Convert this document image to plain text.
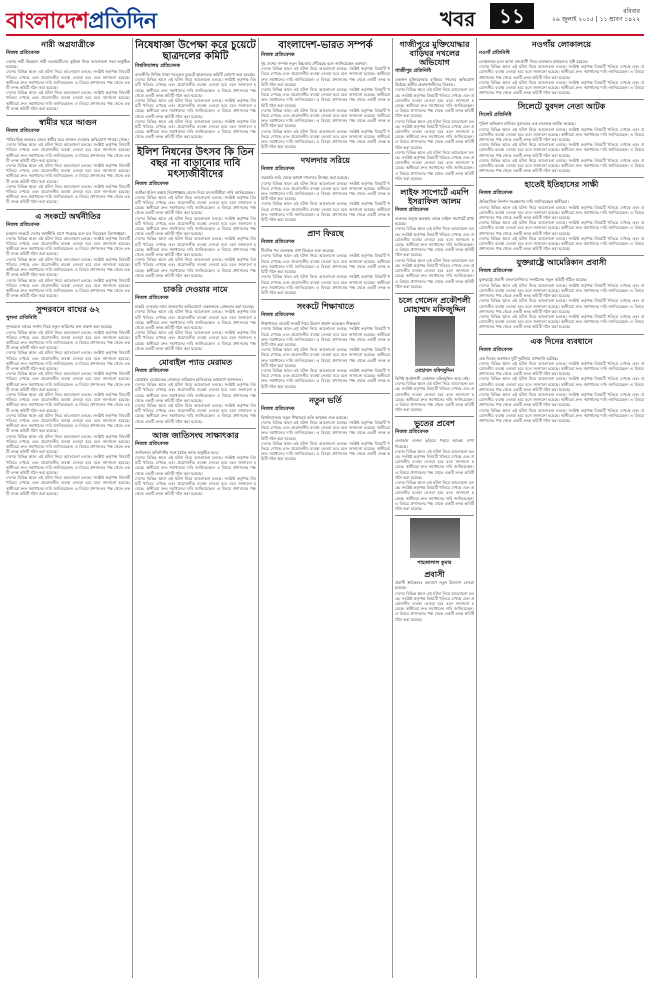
বাংলাদেশপ্রতিদিন	খবর	১১	রবিবার
২৬ জুলাই ২০১৫ | ১১ শ্রাবণ ১৪২২
নারী অগ্রযাত্রীকে
নিজস্ব প্রতিবেদক
দেশের নারী উন্নয়নে নারী অগ্রযাত্রীদের ভূমিকা নিয়ে আলোচনা সভা অনুষ্ঠিত হয়েছে।
দেশের বিভিন্ন স্থানে এই ঘটনা নিয়ে আলোচনা চলছে। সংশ্লিষ্ট কর্তৃপক্ষ বিষয়টি খতিয়ে দেখছে এবং প্রয়োজনীয় ব্যবস্থা নেওয়া হবে বলে জানানো হয়েছে। স্থানীয়রা দ্রুত সমাধানের দাবি জানিয়েছেন। এ বিষয়ে প্রশাসনের পক্ষ থেকে একটি তদন্ত কমিটি গঠন করা হয়েছে।
দেশের বিভিন্ন স্থানে এই ঘটনা নিয়ে আলোচনা চলছে। সংশ্লিষ্ট কর্তৃপক্ষ বিষয়টি খতিয়ে দেখছে এবং প্রয়োজনীয় ব্যবস্থা নেওয়া হবে বলে জানানো হয়েছে। স্থানীয়রা দ্রুত সমাধানের দাবি জানিয়েছেন। এ বিষয়ে প্রশাসনের পক্ষ থেকে একটি তদন্ত কমিটি গঠন করা হয়েছে।
স্বামীর ঘরে আগুন
নিজস্ব প্রতিবেদক
পারিবারিক কলহের জেরে স্বামীর ঘরে আগুন দেওয়ার অভিযোগ পাওয়া গেছে।
দেশের বিভিন্ন স্থানে এই ঘটনা নিয়ে আলোচনা চলছে। সংশ্লিষ্ট কর্তৃপক্ষ বিষয়টি খতিয়ে দেখছে এবং প্রয়োজনীয় ব্যবস্থা নেওয়া হবে বলে জানানো হয়েছে। স্থানীয়রা দ্রুত সমাধানের দাবি জানিয়েছেন। এ বিষয়ে প্রশাসনের পক্ষ থেকে একটি তদন্ত কমিটি গঠন করা হয়েছে।
দেশের বিভিন্ন স্থানে এই ঘটনা নিয়ে আলোচনা চলছে। সংশ্লিষ্ট কর্তৃপক্ষ বিষয়টি খতিয়ে দেখছে এবং প্রয়োজনীয় ব্যবস্থা নেওয়া হবে বলে জানানো হয়েছে। স্থানীয়রা দ্রুত সমাধানের দাবি জানিয়েছেন। এ বিষয়ে প্রশাসনের পক্ষ থেকে একটি তদন্ত কমিটি গঠন করা হয়েছে।
দেশের বিভিন্ন স্থানে এই ঘটনা নিয়ে আলোচনা চলছে। সংশ্লিষ্ট কর্তৃপক্ষ বিষয়টি খতিয়ে দেখছে এবং প্রয়োজনীয় ব্যবস্থা নেওয়া হবে বলে জানানো হয়েছে। স্থানীয়রা দ্রুত সমাধানের দাবি জানিয়েছেন। এ বিষয়ে প্রশাসনের পক্ষ থেকে একটি তদন্ত কমিটি গঠন করা হয়েছে।
এ সংকটে অর্থনীতির
নিজস্ব প্রতিবেদক
চলমান সংকটে দেশের অর্থনীতি চাপে পড়েছে বলে মত দিয়েছেন বিশেষজ্ঞরা।
দেশের বিভিন্ন স্থানে এই ঘটনা নিয়ে আলোচনা চলছে। সংশ্লিষ্ট কর্তৃপক্ষ বিষয়টি খতিয়ে দেখছে এবং প্রয়োজনীয় ব্যবস্থা নেওয়া হবে বলে জানানো হয়েছে। স্থানীয়রা দ্রুত সমাধানের দাবি জানিয়েছেন। এ বিষয়ে প্রশাসনের পক্ষ থেকে একটি তদন্ত কমিটি গঠন করা হয়েছে।
দেশের বিভিন্ন স্থানে এই ঘটনা নিয়ে আলোচনা চলছে। সংশ্লিষ্ট কর্তৃপক্ষ বিষয়টি খতিয়ে দেখছে এবং প্রয়োজনীয় ব্যবস্থা নেওয়া হবে বলে জানানো হয়েছে। স্থানীয়রা দ্রুত সমাধানের দাবি জানিয়েছেন। এ বিষয়ে প্রশাসনের পক্ষ থেকে একটি তদন্ত কমিটি গঠন করা হয়েছে।
দেশের বিভিন্ন স্থানে এই ঘটনা নিয়ে আলোচনা চলছে। সংশ্লিষ্ট কর্তৃপক্ষ বিষয়টি খতিয়ে দেখছে এবং প্রয়োজনীয় ব্যবস্থা নেওয়া হবে বলে জানানো হয়েছে। স্থানীয়রা দ্রুত সমাধানের দাবি জানিয়েছেন। এ বিষয়ে প্রশাসনের পক্ষ থেকে একটি তদন্ত কমিটি গঠন করা হয়েছে।
সুন্দরবনে বাঘের ৬২
খুলনা প্রতিনিধি
সুন্দরবনে বাঘের সংখ্যা নিয়ে নতুন জরিপের ফল প্রকাশ করা হয়েছে।
দেশের বিভিন্ন স্থানে এই ঘটনা নিয়ে আলোচনা চলছে। সংশ্লিষ্ট কর্তৃপক্ষ বিষয়টি খতিয়ে দেখছে এবং প্রয়োজনীয় ব্যবস্থা নেওয়া হবে বলে জানানো হয়েছে। স্থানীয়রা দ্রুত সমাধানের দাবি জানিয়েছেন। এ বিষয়ে প্রশাসনের পক্ষ থেকে একটি তদন্ত কমিটি গঠন করা হয়েছে।
দেশের বিভিন্ন স্থানে এই ঘটনা নিয়ে আলোচনা চলছে। সংশ্লিষ্ট কর্তৃপক্ষ বিষয়টি খতিয়ে দেখছে এবং প্রয়োজনীয় ব্যবস্থা নেওয়া হবে বলে জানানো হয়েছে। স্থানীয়রা দ্রুত সমাধানের দাবি জানিয়েছেন। এ বিষয়ে প্রশাসনের পক্ষ থেকে একটি তদন্ত কমিটি গঠন করা হয়েছে।
দেশের বিভিন্ন স্থানে এই ঘটনা নিয়ে আলোচনা চলছে। সংশ্লিষ্ট কর্তৃপক্ষ বিষয়টি খতিয়ে দেখছে এবং প্রয়োজনীয় ব্যবস্থা নেওয়া হবে বলে জানানো হয়েছে। স্থানীয়রা দ্রুত সমাধানের দাবি জানিয়েছেন। এ বিষয়ে প্রশাসনের পক্ষ থেকে একটি তদন্ত কমিটি গঠন করা হয়েছে।
দেশের বিভিন্ন স্থানে এই ঘটনা নিয়ে আলোচনা চলছে। সংশ্লিষ্ট কর্তৃপক্ষ বিষয়টি খতিয়ে দেখছে এবং প্রয়োজনীয় ব্যবস্থা নেওয়া হবে বলে জানানো হয়েছে। স্থানীয়রা দ্রুত সমাধানের দাবি জানিয়েছেন। এ বিষয়ে প্রশাসনের পক্ষ থেকে একটি তদন্ত কমিটি গঠন করা হয়েছে।
দেশের বিভিন্ন স্থানে এই ঘটনা নিয়ে আলোচনা চলছে। সংশ্লিষ্ট কর্তৃপক্ষ বিষয়টি খতিয়ে দেখছে এবং প্রয়োজনীয় ব্যবস্থা নেওয়া হবে বলে জানানো হয়েছে। স্থানীয়রা দ্রুত সমাধানের দাবি জানিয়েছেন। এ বিষয়ে প্রশাসনের পক্ষ থেকে একটি তদন্ত কমিটি গঠন করা হয়েছে।
দেশের বিভিন্ন স্থানে এই ঘটনা নিয়ে আলোচনা চলছে। সংশ্লিষ্ট কর্তৃপক্ষ বিষয়টি খতিয়ে দেখছে এবং প্রয়োজনীয় ব্যবস্থা নেওয়া হবে বলে জানানো হয়েছে। স্থানীয়রা দ্রুত সমাধানের দাবি জানিয়েছেন। এ বিষয়ে প্রশাসনের পক্ষ থেকে একটি তদন্ত কমিটি গঠন করা হয়েছে।
দেশের বিভিন্ন স্থানে এই ঘটনা নিয়ে আলোচনা চলছে। সংশ্লিষ্ট কর্তৃপক্ষ বিষয়টি খতিয়ে দেখছে এবং প্রয়োজনীয় ব্যবস্থা নেওয়া হবে বলে জানানো হয়েছে। স্থানীয়রা দ্রুত সমাধানের দাবি জানিয়েছেন। এ বিষয়ে প্রশাসনের পক্ষ থেকে একটি তদন্ত কমিটি গঠন করা হয়েছে।
দেশের বিভিন্ন স্থানে এই ঘটনা নিয়ে আলোচনা চলছে। সংশ্লিষ্ট কর্তৃপক্ষ বিষয়টি খতিয়ে দেখছে এবং প্রয়োজনীয় ব্যবস্থা নেওয়া হবে বলে জানানো হয়েছে। স্থানীয়রা দ্রুত সমাধানের দাবি জানিয়েছেন। এ বিষয়ে প্রশাসনের পক্ষ থেকে একটি তদন্ত কমিটি গঠন করা হয়েছে।
নিষেধাজ্ঞা উপেক্ষা করে চুয়েটে ছাত্রদলের কমিটি
বিশ্ববিদ্যালয় প্রতিবেদক
রাজনীতি নিষিদ্ধ থাকা সত্ত্বেও চুয়েটে ছাত্রদলের কমিটি ঘোষণা করা হয়েছে।
দেশের বিভিন্ন স্থানে এই ঘটনা নিয়ে আলোচনা চলছে। সংশ্লিষ্ট কর্তৃপক্ষ বিষয়টি খতিয়ে দেখছে এবং প্রয়োজনীয় ব্যবস্থা নেওয়া হবে বলে জানানো হয়েছে। স্থানীয়রা দ্রুত সমাধানের দাবি জানিয়েছেন। এ বিষয়ে প্রশাসনের পক্ষ থেকে একটি তদন্ত কমিটি গঠন করা হয়েছে।
দেশের বিভিন্ন স্থানে এই ঘটনা নিয়ে আলোচনা চলছে। সংশ্লিষ্ট কর্তৃপক্ষ বিষয়টি খতিয়ে দেখছে এবং প্রয়োজনীয় ব্যবস্থা নেওয়া হবে বলে জানানো হয়েছে। স্থানীয়রা দ্রুত সমাধানের দাবি জানিয়েছেন। এ বিষয়ে প্রশাসনের পক্ষ থেকে একটি তদন্ত কমিটি গঠন করা হয়েছে।
দেশের বিভিন্ন স্থানে এই ঘটনা নিয়ে আলোচনা চলছে। সংশ্লিষ্ট কর্তৃপক্ষ বিষয়টি খতিয়ে দেখছে এবং প্রয়োজনীয় ব্যবস্থা নেওয়া হবে বলে জানানো হয়েছে। স্থানীয়রা দ্রুত সমাধানের দাবি জানিয়েছেন। এ বিষয়ে প্রশাসনের পক্ষ থেকে একটি তদন্ত কমিটি গঠন করা হয়েছে।
ইলিশ নিধনের উৎসব কি তিন বছর না বাড়ানোর দাবি মৎস্যজীবীদের
নিজস্ব প্রতিবেদক
জাটকা ইলিশ রক্ষায় নিষেধাজ্ঞার মেয়াদ নিয়ে মৎস্যজীবীরা দাবি জানিয়েছেন।
দেশের বিভিন্ন স্থানে এই ঘটনা নিয়ে আলোচনা চলছে। সংশ্লিষ্ট কর্তৃপক্ষ বিষয়টি খতিয়ে দেখছে এবং প্রয়োজনীয় ব্যবস্থা নেওয়া হবে বলে জানানো হয়েছে। স্থানীয়রা দ্রুত সমাধানের দাবি জানিয়েছেন। এ বিষয়ে প্রশাসনের পক্ষ থেকে একটি তদন্ত কমিটি গঠন করা হয়েছে।
দেশের বিভিন্ন স্থানে এই ঘটনা নিয়ে আলোচনা চলছে। সংশ্লিষ্ট কর্তৃপক্ষ বিষয়টি খতিয়ে দেখছে এবং প্রয়োজনীয় ব্যবস্থা নেওয়া হবে বলে জানানো হয়েছে। স্থানীয়রা দ্রুত সমাধানের দাবি জানিয়েছেন। এ বিষয়ে প্রশাসনের পক্ষ থেকে একটি তদন্ত কমিটি গঠন করা হয়েছে।
দেশের বিভিন্ন স্থানে এই ঘটনা নিয়ে আলোচনা চলছে। সংশ্লিষ্ট কর্তৃপক্ষ বিষয়টি খতিয়ে দেখছে এবং প্রয়োজনীয় ব্যবস্থা নেওয়া হবে বলে জানানো হয়েছে। স্থানীয়রা দ্রুত সমাধানের দাবি জানিয়েছেন। এ বিষয়ে প্রশাসনের পক্ষ থেকে একটি তদন্ত কমিটি গঠন করা হয়েছে।
দেশের বিভিন্ন স্থানে এই ঘটনা নিয়ে আলোচনা চলছে। সংশ্লিষ্ট কর্তৃপক্ষ বিষয়টি খতিয়ে দেখছে এবং প্রয়োজনীয় ব্যবস্থা নেওয়া হবে বলে জানানো হয়েছে। স্থানীয়রা দ্রুত সমাধানের দাবি জানিয়েছেন। এ বিষয়ে প্রশাসনের পক্ষ থেকে একটি তদন্ত কমিটি গঠন করা হয়েছে।
চাকরি দেওয়ার নামে
নিজস্ব প্রতিবেদক
চাকরি দেওয়ার নামে প্রতারণার অভিযোগে একজনকে গ্রেফতার করা হয়েছে।
দেশের বিভিন্ন স্থানে এই ঘটনা নিয়ে আলোচনা চলছে। সংশ্লিষ্ট কর্তৃপক্ষ বিষয়টি খতিয়ে দেখছে এবং প্রয়োজনীয় ব্যবস্থা নেওয়া হবে বলে জানানো হয়েছে। স্থানীয়রা দ্রুত সমাধানের দাবি জানিয়েছেন। এ বিষয়ে প্রশাসনের পক্ষ থেকে একটি তদন্ত কমিটি গঠন করা হয়েছে।
দেশের বিভিন্ন স্থানে এই ঘটনা নিয়ে আলোচনা চলছে। সংশ্লিষ্ট কর্তৃপক্ষ বিষয়টি খতিয়ে দেখছে এবং প্রয়োজনীয় ব্যবস্থা নেওয়া হবে বলে জানানো হয়েছে। স্থানীয়রা দ্রুত সমাধানের দাবি জানিয়েছেন। এ বিষয়ে প্রশাসনের পক্ষ থেকে একটি তদন্ত কমিটি গঠন করা হয়েছে।
মোবাইল প্যাড মেরামত
নিজস্ব প্রতিবেদক
মোবাইল মেরামতের দোকানে অভিযান চালিয়েছে ভ্রাম্যমাণ আদালত।
দেশের বিভিন্ন স্থানে এই ঘটনা নিয়ে আলোচনা চলছে। সংশ্লিষ্ট কর্তৃপক্ষ বিষয়টি খতিয়ে দেখছে এবং প্রয়োজনীয় ব্যবস্থা নেওয়া হবে বলে জানানো হয়েছে। স্থানীয়রা দ্রুত সমাধানের দাবি জানিয়েছেন। এ বিষয়ে প্রশাসনের পক্ষ থেকে একটি তদন্ত কমিটি গঠন করা হয়েছে।
দেশের বিভিন্ন স্থানে এই ঘটনা নিয়ে আলোচনা চলছে। সংশ্লিষ্ট কর্তৃপক্ষ বিষয়টি খতিয়ে দেখছে এবং প্রয়োজনীয় ব্যবস্থা নেওয়া হবে বলে জানানো হয়েছে। স্থানীয়রা দ্রুত সমাধানের দাবি জানিয়েছেন। এ বিষয়ে প্রশাসনের পক্ষ থেকে একটি তদন্ত কমিটি গঠন করা হয়েছে।
আজ জাতিসংঘ সাক্ষাৎকার
নিজস্ব প্রতিবেদক
জাতিসংঘ প্রতিনিধির সঙ্গে বৈঠক আজ অনুষ্ঠিত হবে।
দেশের বিভিন্ন স্থানে এই ঘটনা নিয়ে আলোচনা চলছে। সংশ্লিষ্ট কর্তৃপক্ষ বিষয়টি খতিয়ে দেখছে এবং প্রয়োজনীয় ব্যবস্থা নেওয়া হবে বলে জানানো হয়েছে। স্থানীয়রা দ্রুত সমাধানের দাবি জানিয়েছেন। এ বিষয়ে প্রশাসনের পক্ষ থেকে একটি তদন্ত কমিটি গঠন করা হয়েছে।
দেশের বিভিন্ন স্থানে এই ঘটনা নিয়ে আলোচনা চলছে। সংশ্লিষ্ট কর্তৃপক্ষ বিষয়টি খতিয়ে দেখছে এবং প্রয়োজনীয় ব্যবস্থা নেওয়া হবে বলে জানানো হয়েছে। স্থানীয়রা দ্রুত সমাধানের দাবি জানিয়েছেন। এ বিষয়ে প্রশাসনের পক্ষ থেকে একটি তদন্ত কমিটি গঠন করা হয়েছে।
বাংলাদেশ-ভারত সম্পর্ক
নিজস্ব প্রতিবেদক
দুই দেশের সম্পর্ক নতুন উচ্চতায় পৌঁছেছে বলে জানিয়েছেন বক্তারা।
দেশের বিভিন্ন স্থানে এই ঘটনা নিয়ে আলোচনা চলছে। সংশ্লিষ্ট কর্তৃপক্ষ বিষয়টি খতিয়ে দেখছে এবং প্রয়োজনীয় ব্যবস্থা নেওয়া হবে বলে জানানো হয়েছে। স্থানীয়রা দ্রুত সমাধানের দাবি জানিয়েছেন। এ বিষয়ে প্রশাসনের পক্ষ থেকে একটি তদন্ত কমিটি গঠন করা হয়েছে।
দেশের বিভিন্ন স্থানে এই ঘটনা নিয়ে আলোচনা চলছে। সংশ্লিষ্ট কর্তৃপক্ষ বিষয়টি খতিয়ে দেখছে এবং প্রয়োজনীয় ব্যবস্থা নেওয়া হবে বলে জানানো হয়েছে। স্থানীয়রা দ্রুত সমাধানের দাবি জানিয়েছেন। এ বিষয়ে প্রশাসনের পক্ষ থেকে একটি তদন্ত কমিটি গঠন করা হয়েছে।
দেশের বিভিন্ন স্থানে এই ঘটনা নিয়ে আলোচনা চলছে। সংশ্লিষ্ট কর্তৃপক্ষ বিষয়টি খতিয়ে দেখছে এবং প্রয়োজনীয় ব্যবস্থা নেওয়া হবে বলে জানানো হয়েছে। স্থানীয়রা দ্রুত সমাধানের দাবি জানিয়েছেন। এ বিষয়ে প্রশাসনের পক্ষ থেকে একটি তদন্ত কমিটি গঠন করা হয়েছে।
দেশের বিভিন্ন স্থানে এই ঘটনা নিয়ে আলোচনা চলছে। সংশ্লিষ্ট কর্তৃপক্ষ বিষয়টি খতিয়ে দেখছে এবং প্রয়োজনীয় ব্যবস্থা নেওয়া হবে বলে জানানো হয়েছে। স্থানীয়রা দ্রুত সমাধানের দাবি জানিয়েছেন। এ বিষয়ে প্রশাসনের পক্ষ থেকে একটি তদন্ত কমিটি গঠন করা হয়েছে।
দখলদার সরিয়ে
নিজস্ব প্রতিবেদক
সরকারি জমি থেকে অবৈধ দখলদার উচ্ছেদ করা হয়েছে।
দেশের বিভিন্ন স্থানে এই ঘটনা নিয়ে আলোচনা চলছে। সংশ্লিষ্ট কর্তৃপক্ষ বিষয়টি খতিয়ে দেখছে এবং প্রয়োজনীয় ব্যবস্থা নেওয়া হবে বলে জানানো হয়েছে। স্থানীয়রা দ্রুত সমাধানের দাবি জানিয়েছেন। এ বিষয়ে প্রশাসনের পক্ষ থেকে একটি তদন্ত কমিটি গঠন করা হয়েছে।
দেশের বিভিন্ন স্থানে এই ঘটনা নিয়ে আলোচনা চলছে। সংশ্লিষ্ট কর্তৃপক্ষ বিষয়টি খতিয়ে দেখছে এবং প্রয়োজনীয় ব্যবস্থা নেওয়া হবে বলে জানানো হয়েছে। স্থানীয়রা দ্রুত সমাধানের দাবি জানিয়েছেন। এ বিষয়ে প্রশাসনের পক্ষ থেকে একটি তদন্ত কমিটি গঠন করা হয়েছে।
প্রাণ ফিরছে
নিজস্ব প্রতিবেদক
দীর্ঘদিন পর এলাকায় প্রাণ ফিরতে শুরু করেছে।
দেশের বিভিন্ন স্থানে এই ঘটনা নিয়ে আলোচনা চলছে। সংশ্লিষ্ট কর্তৃপক্ষ বিষয়টি খতিয়ে দেখছে এবং প্রয়োজনীয় ব্যবস্থা নেওয়া হবে বলে জানানো হয়েছে। স্থানীয়রা দ্রুত সমাধানের দাবি জানিয়েছেন। এ বিষয়ে প্রশাসনের পক্ষ থেকে একটি তদন্ত কমিটি গঠন করা হয়েছে।
দেশের বিভিন্ন স্থানে এই ঘটনা নিয়ে আলোচনা চলছে। সংশ্লিষ্ট কর্তৃপক্ষ বিষয়টি খতিয়ে দেখছে এবং প্রয়োজনীয় ব্যবস্থা নেওয়া হবে বলে জানানো হয়েছে। স্থানীয়রা দ্রুত সমাধানের দাবি জানিয়েছেন। এ বিষয়ে প্রশাসনের পক্ষ থেকে একটি তদন্ত কমিটি গঠন করা হয়েছে।
সংকটে শিক্ষাখাতে
নিজস্ব প্রতিবেদক
শিক্ষাখাতে বাজেট সংকট নিয়ে উদ্বেগ প্রকাশ করেছেন শিক্ষকরা।
দেশের বিভিন্ন স্থানে এই ঘটনা নিয়ে আলোচনা চলছে। সংশ্লিষ্ট কর্তৃপক্ষ বিষয়টি খতিয়ে দেখছে এবং প্রয়োজনীয় ব্যবস্থা নেওয়া হবে বলে জানানো হয়েছে। স্থানীয়রা দ্রুত সমাধানের দাবি জানিয়েছেন। এ বিষয়ে প্রশাসনের পক্ষ থেকে একটি তদন্ত কমিটি গঠন করা হয়েছে।
দেশের বিভিন্ন স্থানে এই ঘটনা নিয়ে আলোচনা চলছে। সংশ্লিষ্ট কর্তৃপক্ষ বিষয়টি খতিয়ে দেখছে এবং প্রয়োজনীয় ব্যবস্থা নেওয়া হবে বলে জানানো হয়েছে। স্থানীয়রা দ্রুত সমাধানের দাবি জানিয়েছেন। এ বিষয়ে প্রশাসনের পক্ষ থেকে একটি তদন্ত কমিটি গঠন করা হয়েছে।
দেশের বিভিন্ন স্থানে এই ঘটনা নিয়ে আলোচনা চলছে। সংশ্লিষ্ট কর্তৃপক্ষ বিষয়টি খতিয়ে দেখছে এবং প্রয়োজনীয় ব্যবস্থা নেওয়া হবে বলে জানানো হয়েছে। স্থানীয়রা দ্রুত সমাধানের দাবি জানিয়েছেন। এ বিষয়ে প্রশাসনের পক্ষ থেকে একটি তদন্ত কমিটি গঠন করা হয়েছে।
নতুন ভর্তি
নিজস্ব প্রতিবেদক
বিশ্ববিদ্যালয়ে নতুন শিক্ষাবর্ষে ভর্তি কার্যক্রম শুরু হয়েছে।
দেশের বিভিন্ন স্থানে এই ঘটনা নিয়ে আলোচনা চলছে। সংশ্লিষ্ট কর্তৃপক্ষ বিষয়টি খতিয়ে দেখছে এবং প্রয়োজনীয় ব্যবস্থা নেওয়া হবে বলে জানানো হয়েছে। স্থানীয়রা দ্রুত সমাধানের দাবি জানিয়েছেন। এ বিষয়ে প্রশাসনের পক্ষ থেকে একটি তদন্ত কমিটি গঠন করা হয়েছে।
দেশের বিভিন্ন স্থানে এই ঘটনা নিয়ে আলোচনা চলছে। সংশ্লিষ্ট কর্তৃপক্ষ বিষয়টি খতিয়ে দেখছে এবং প্রয়োজনীয় ব্যবস্থা নেওয়া হবে বলে জানানো হয়েছে। স্থানীয়রা দ্রুত সমাধানের দাবি জানিয়েছেন। এ বিষয়ে প্রশাসনের পক্ষ থেকে একটি তদন্ত কমিটি গঠন করা হয়েছে।
গাজীপুরে মুক্তিযোদ্ধার বাড়িঘর দখলের অভিযোগ
গাজীপুর প্রতিনিধি
একজন মুক্তিযোদ্ধার বাড়িঘর দখলের অভিযোগ উঠেছে স্থানীয় প্রভাবশালীদের বিরুদ্ধে।
দেশের বিভিন্ন স্থানে এই ঘটনা নিয়ে আলোচনা চলছে। সংশ্লিষ্ট কর্তৃপক্ষ বিষয়টি খতিয়ে দেখছে এবং প্রয়োজনীয় ব্যবস্থা নেওয়া হবে বলে জানানো হয়েছে। স্থানীয়রা দ্রুত সমাধানের দাবি জানিয়েছেন। এ বিষয়ে প্রশাসনের পক্ষ থেকে একটি তদন্ত কমিটি গঠন করা হয়েছে।
দেশের বিভিন্ন স্থানে এই ঘটনা নিয়ে আলোচনা চলছে। সংশ্লিষ্ট কর্তৃপক্ষ বিষয়টি খতিয়ে দেখছে এবং প্রয়োজনীয় ব্যবস্থা নেওয়া হবে বলে জানানো হয়েছে। স্থানীয়রা দ্রুত সমাধানের দাবি জানিয়েছেন। এ বিষয়ে প্রশাসনের পক্ষ থেকে একটি তদন্ত কমিটি গঠন করা হয়েছে।
দেশের বিভিন্ন স্থানে এই ঘটনা নিয়ে আলোচনা চলছে। সংশ্লিষ্ট কর্তৃপক্ষ বিষয়টি খতিয়ে দেখছে এবং প্রয়োজনীয় ব্যবস্থা নেওয়া হবে বলে জানানো হয়েছে। স্থানীয়রা দ্রুত সমাধানের দাবি জানিয়েছেন। এ বিষয়ে প্রশাসনের পক্ষ থেকে একটি তদন্ত কমিটি গঠন করা হয়েছে।
লাইফ সাপোর্টে এমপি ইসরাফিল আলম
নিজস্ব প্রতিবেদক
গুরুতর অসুস্থ অবস্থায় তাকে লাইফ সাপোর্টে রাখা হয়েছে।
দেশের বিভিন্ন স্থানে এই ঘটনা নিয়ে আলোচনা চলছে। সংশ্লিষ্ট কর্তৃপক্ষ বিষয়টি খতিয়ে দেখছে এবং প্রয়োজনীয় ব্যবস্থা নেওয়া হবে বলে জানানো হয়েছে। স্থানীয়রা দ্রুত সমাধানের দাবি জানিয়েছেন। এ বিষয়ে প্রশাসনের পক্ষ থেকে একটি তদন্ত কমিটি গঠন করা হয়েছে।
দেশের বিভিন্ন স্থানে এই ঘটনা নিয়ে আলোচনা চলছে। সংশ্লিষ্ট কর্তৃপক্ষ বিষয়টি খতিয়ে দেখছে এবং প্রয়োজনীয় ব্যবস্থা নেওয়া হবে বলে জানানো হয়েছে। স্থানীয়রা দ্রুত সমাধানের দাবি জানিয়েছেন। এ বিষয়ে প্রশাসনের পক্ষ থেকে একটি তদন্ত কমিটি গঠন করা হয়েছে।
চলে গেলেন প্রকৌশলী মোহাম্মদ মফিজুদ্দিন
মোহাম্মদ মফিজুদ্দিন
বিশিষ্ট প্রকৌশলী মোহাম্মদ মফিজুদ্দিন আর নেই।
দেশের বিভিন্ন স্থানে এই ঘটনা নিয়ে আলোচনা চলছে। সংশ্লিষ্ট কর্তৃপক্ষ বিষয়টি খতিয়ে দেখছে এবং প্রয়োজনীয় ব্যবস্থা নেওয়া হবে বলে জানানো হয়েছে। স্থানীয়রা দ্রুত সমাধানের দাবি জানিয়েছেন। এ বিষয়ে প্রশাসনের পক্ষ থেকে একটি তদন্ত কমিটি গঠন করা হয়েছে।
ভুতের প্রবেশ
নিজস্ব প্রতিবেদক
এলাকায় গুজব ছড়িয়ে পড়ায় আতঙ্ক দেখা দিয়েছে।
দেশের বিভিন্ন স্থানে এই ঘটনা নিয়ে আলোচনা চলছে। সংশ্লিষ্ট কর্তৃপক্ষ বিষয়টি খতিয়ে দেখছে এবং প্রয়োজনীয় ব্যবস্থা নেওয়া হবে বলে জানানো হয়েছে। স্থানীয়রা দ্রুত সমাধানের দাবি জানিয়েছেন। এ বিষয়ে প্রশাসনের পক্ষ থেকে একটি তদন্ত কমিটি গঠন করা হয়েছে।
দেশের বিভিন্ন স্থানে এই ঘটনা নিয়ে আলোচনা চলছে। সংশ্লিষ্ট কর্তৃপক্ষ বিষয়টি খতিয়ে দেখছে এবং প্রয়োজনীয় ব্যবস্থা নেওয়া হবে বলে জানানো হয়েছে। স্থানীয়রা দ্রুত সমাধানের দাবি জানিয়েছেন। এ বিষয়ে প্রশাসনের পক্ষ থেকে একটি তদন্ত কমিটি গঠন করা হয়েছে।
শাহজালাল কুমার
প্রবাসী
প্রবাসী শ্রমিকদের কল্যাণে নতুন উদ্যোগ নেওয়া হয়েছে।
দেশের বিভিন্ন স্থানে এই ঘটনা নিয়ে আলোচনা চলছে। সংশ্লিষ্ট কর্তৃপক্ষ বিষয়টি খতিয়ে দেখছে এবং প্রয়োজনীয় ব্যবস্থা নেওয়া হবে বলে জানানো হয়েছে। স্থানীয়রা দ্রুত সমাধানের দাবি জানিয়েছেন। এ বিষয়ে প্রশাসনের পক্ষ থেকে একটি তদন্ত কমিটি গঠন করা হয়েছে।
নওগাঁয় লোকালয়ে
নওগাঁ প্রতিনিধি
লোকালয়ে চলে আসা বন্যপ্রাণী নিয়ে এলাকায় চাঞ্চল্যের সৃষ্টি হয়েছে।
দেশের বিভিন্ন স্থানে এই ঘটনা নিয়ে আলোচনা চলছে। সংশ্লিষ্ট কর্তৃপক্ষ বিষয়টি খতিয়ে দেখছে এবং প্রয়োজনীয় ব্যবস্থা নেওয়া হবে বলে জানানো হয়েছে। স্থানীয়রা দ্রুত সমাধানের দাবি জানিয়েছেন। এ বিষয়ে প্রশাসনের পক্ষ থেকে একটি তদন্ত কমিটি গঠন করা হয়েছে।
দেশের বিভিন্ন স্থানে এই ঘটনা নিয়ে আলোচনা চলছে। সংশ্লিষ্ট কর্তৃপক্ষ বিষয়টি খতিয়ে দেখছে এবং প্রয়োজনীয় ব্যবস্থা নেওয়া হবে বলে জানানো হয়েছে। স্থানীয়রা দ্রুত সমাধানের দাবি জানিয়েছেন। এ বিষয়ে প্রশাসনের পক্ষ থেকে একটি তদন্ত কমিটি গঠন করা হয়েছে।
সিলেটে যুবদল নেতা আটক
সিলেট প্রতিনিধি
পুলিশ অভিযান চালিয়ে যুবদলের এক নেতাকে আটক করেছে।
দেশের বিভিন্ন স্থানে এই ঘটনা নিয়ে আলোচনা চলছে। সংশ্লিষ্ট কর্তৃপক্ষ বিষয়টি খতিয়ে দেখছে এবং প্রয়োজনীয় ব্যবস্থা নেওয়া হবে বলে জানানো হয়েছে। স্থানীয়রা দ্রুত সমাধানের দাবি জানিয়েছেন। এ বিষয়ে প্রশাসনের পক্ষ থেকে একটি তদন্ত কমিটি গঠন করা হয়েছে।
দেশের বিভিন্ন স্থানে এই ঘটনা নিয়ে আলোচনা চলছে। সংশ্লিষ্ট কর্তৃপক্ষ বিষয়টি খতিয়ে দেখছে এবং প্রয়োজনীয় ব্যবস্থা নেওয়া হবে বলে জানানো হয়েছে। স্থানীয়রা দ্রুত সমাধানের দাবি জানিয়েছেন। এ বিষয়ে প্রশাসনের পক্ষ থেকে একটি তদন্ত কমিটি গঠন করা হয়েছে।
দেশের বিভিন্ন স্থানে এই ঘটনা নিয়ে আলোচনা চলছে। সংশ্লিষ্ট কর্তৃপক্ষ বিষয়টি খতিয়ে দেখছে এবং প্রয়োজনীয় ব্যবস্থা নেওয়া হবে বলে জানানো হয়েছে। স্থানীয়রা দ্রুত সমাধানের দাবি জানিয়েছেন। এ বিষয়ে প্রশাসনের পক্ষ থেকে একটি তদন্ত কমিটি গঠন করা হয়েছে।
হাতেই ইতিহাসের সাক্ষী
নিজস্ব প্রতিবেদক
ঐতিহাসিক নিদর্শন সংরক্ষণের দাবি জানিয়েছেন স্থানীয়রা।
দেশের বিভিন্ন স্থানে এই ঘটনা নিয়ে আলোচনা চলছে। সংশ্লিষ্ট কর্তৃপক্ষ বিষয়টি খতিয়ে দেখছে এবং প্রয়োজনীয় ব্যবস্থা নেওয়া হবে বলে জানানো হয়েছে। স্থানীয়রা দ্রুত সমাধানের দাবি জানিয়েছেন। এ বিষয়ে প্রশাসনের পক্ষ থেকে একটি তদন্ত কমিটি গঠন করা হয়েছে।
দেশের বিভিন্ন স্থানে এই ঘটনা নিয়ে আলোচনা চলছে। সংশ্লিষ্ট কর্তৃপক্ষ বিষয়টি খতিয়ে দেখছে এবং প্রয়োজনীয় ব্যবস্থা নেওয়া হবে বলে জানানো হয়েছে। স্থানীয়রা দ্রুত সমাধানের দাবি জানিয়েছেন। এ বিষয়ে প্রশাসনের পক্ষ থেকে একটি তদন্ত কমিটি গঠন করা হয়েছে।
দেশের বিভিন্ন স্থানে এই ঘটনা নিয়ে আলোচনা চলছে। সংশ্লিষ্ট কর্তৃপক্ষ বিষয়টি খতিয়ে দেখছে এবং প্রয়োজনীয় ব্যবস্থা নেওয়া হবে বলে জানানো হয়েছে। স্থানীয়রা দ্রুত সমাধানের দাবি জানিয়েছেন। এ বিষয়ে প্রশাসনের পক্ষ থেকে একটি তদন্ত কমিটি গঠন করা হয়েছে।
যুক্তরাষ্ট্রে আমেরিকান প্রবাসী
নিজস্ব প্রতিবেদক
যুক্তরাষ্ট্রে প্রবাসী বাংলাদেশিদের সংগঠনের নতুন কমিটি গঠিত হয়েছে।
দেশের বিভিন্ন স্থানে এই ঘটনা নিয়ে আলোচনা চলছে। সংশ্লিষ্ট কর্তৃপক্ষ বিষয়টি খতিয়ে দেখছে এবং প্রয়োজনীয় ব্যবস্থা নেওয়া হবে বলে জানানো হয়েছে। স্থানীয়রা দ্রুত সমাধানের দাবি জানিয়েছেন। এ বিষয়ে প্রশাসনের পক্ষ থেকে একটি তদন্ত কমিটি গঠন করা হয়েছে।
দেশের বিভিন্ন স্থানে এই ঘটনা নিয়ে আলোচনা চলছে। সংশ্লিষ্ট কর্তৃপক্ষ বিষয়টি খতিয়ে দেখছে এবং প্রয়োজনীয় ব্যবস্থা নেওয়া হবে বলে জানানো হয়েছে। স্থানীয়রা দ্রুত সমাধানের দাবি জানিয়েছেন। এ বিষয়ে প্রশাসনের পক্ষ থেকে একটি তদন্ত কমিটি গঠন করা হয়েছে।
দেশের বিভিন্ন স্থানে এই ঘটনা নিয়ে আলোচনা চলছে। সংশ্লিষ্ট কর্তৃপক্ষ বিষয়টি খতিয়ে দেখছে এবং প্রয়োজনীয় ব্যবস্থা নেওয়া হবে বলে জানানো হয়েছে। স্থানীয়রা দ্রুত সমাধানের দাবি জানিয়েছেন। এ বিষয়ে প্রশাসনের পক্ষ থেকে একটি তদন্ত কমিটি গঠন করা হয়েছে।
এক দিনের ব্যবধানে
নিজস্ব প্রতিবেদক
এক দিনের ব্যবধানে দুটি দুর্ঘটনায় প্রাণহানি ঘটেছে।
দেশের বিভিন্ন স্থানে এই ঘটনা নিয়ে আলোচনা চলছে। সংশ্লিষ্ট কর্তৃপক্ষ বিষয়টি খতিয়ে দেখছে এবং প্রয়োজনীয় ব্যবস্থা নেওয়া হবে বলে জানানো হয়েছে। স্থানীয়রা দ্রুত সমাধানের দাবি জানিয়েছেন। এ বিষয়ে প্রশাসনের পক্ষ থেকে একটি তদন্ত কমিটি গঠন করা হয়েছে।
দেশের বিভিন্ন স্থানে এই ঘটনা নিয়ে আলোচনা চলছে। সংশ্লিষ্ট কর্তৃপক্ষ বিষয়টি খতিয়ে দেখছে এবং প্রয়োজনীয় ব্যবস্থা নেওয়া হবে বলে জানানো হয়েছে। স্থানীয়রা দ্রুত সমাধানের দাবি জানিয়েছেন। এ বিষয়ে প্রশাসনের পক্ষ থেকে একটি তদন্ত কমিটি গঠন করা হয়েছে।
দেশের বিভিন্ন স্থানে এই ঘটনা নিয়ে আলোচনা চলছে। সংশ্লিষ্ট কর্তৃপক্ষ বিষয়টি খতিয়ে দেখছে এবং প্রয়োজনীয় ব্যবস্থা নেওয়া হবে বলে জানানো হয়েছে। স্থানীয়রা দ্রুত সমাধানের দাবি জানিয়েছেন। এ বিষয়ে প্রশাসনের পক্ষ থেকে একটি তদন্ত কমিটি গঠন করা হয়েছে।
দেশের বিভিন্ন স্থানে এই ঘটনা নিয়ে আলোচনা চলছে। সংশ্লিষ্ট কর্তৃপক্ষ বিষয়টি খতিয়ে দেখছে এবং প্রয়োজনীয় ব্যবস্থা নেওয়া হবে বলে জানানো হয়েছে। স্থানীয়রা দ্রুত সমাধানের দাবি জানিয়েছেন। এ বিষয়ে প্রশাসনের পক্ষ থেকে একটি তদন্ত কমিটি গঠন করা হয়েছে।
